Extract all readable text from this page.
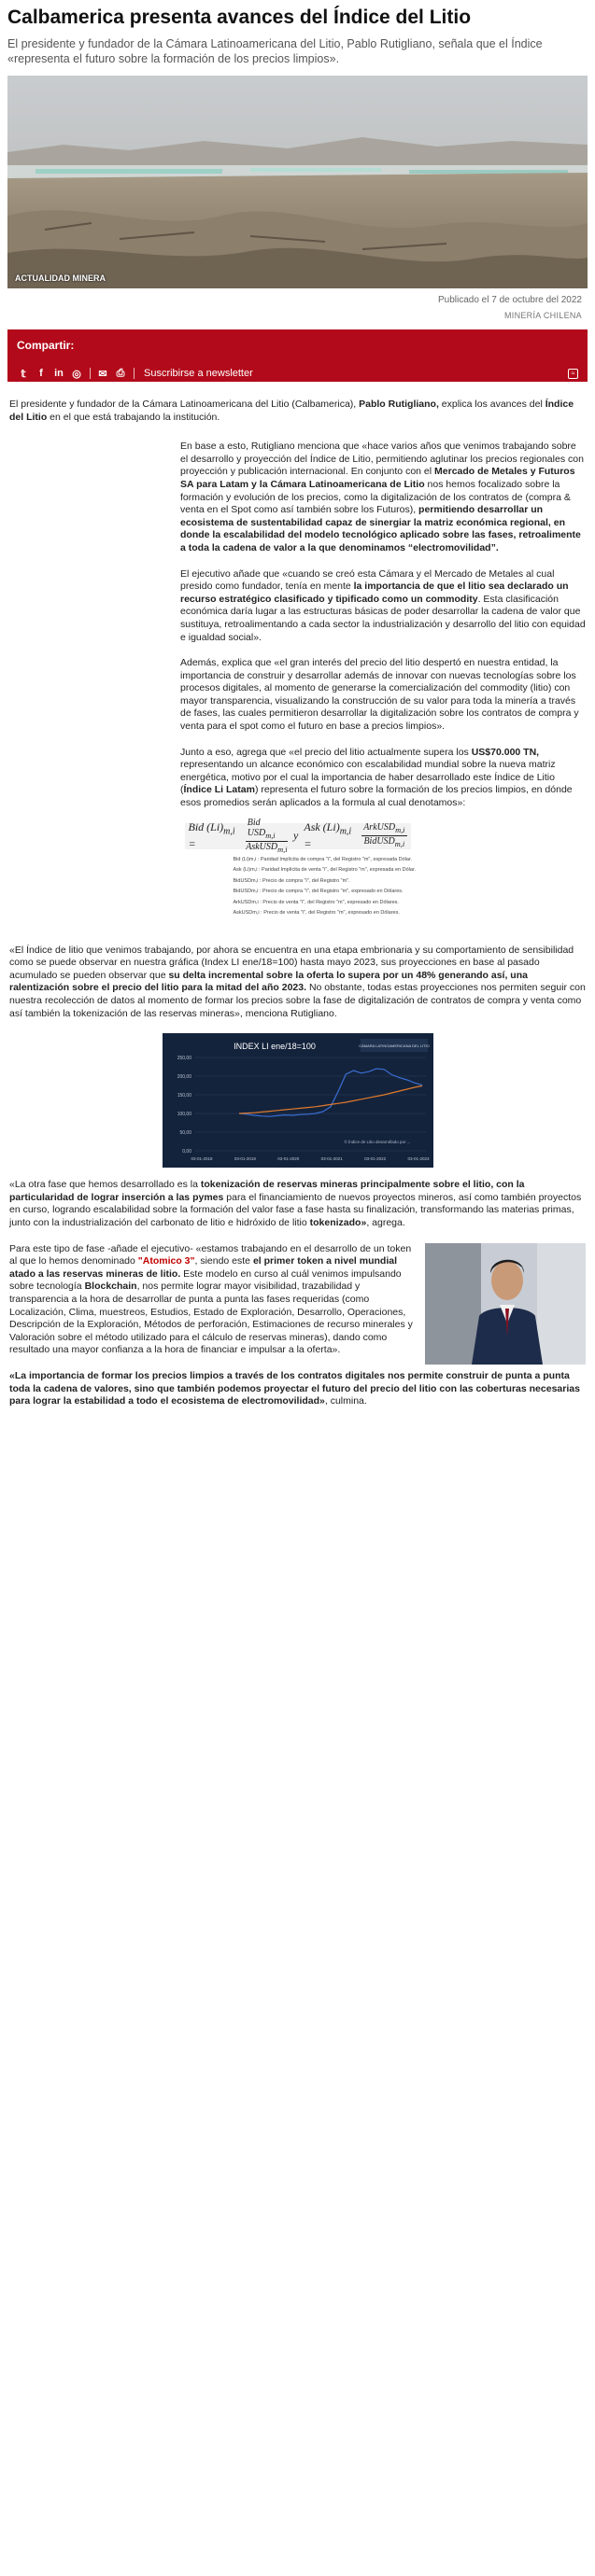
Calbamerica presenta avances del Índice del Litio
El presidente y fundador de la Cámara Latinoamericana del Litio, Pablo Rutigliano, señala que el Índice «representa el futuro sobre la formación de los precios limpios».
ACTUALIDAD MINERA
Publicado el 7 de octubre del 2022
MINERÍA CHILENA
Compartir:
𝕥	f	in ◎ ✉ ⎙ Suscribirse a newsletter	≈

El presidente y fundador de la Cámara Latinoamericana del Litio (Calbamerica), Pablo Rutigliano, explica los avances del Índice del Litio en el que está trabajando la institución.

En base a esto, Rutigliano menciona que «hace varios años que venimos trabajando sobre el desarrollo y proyección del Índice de Litio, permitiendo aglutinar los precios regionales con proyección y publicación internacional. En conjunto con el Mercado de Metales y Futuros SA para Latam y la Cámara Latinoamericana de Litio nos hemos focalizado sobre la formación y evolución de los precios, como la digitalización de los contratos de (compra & venta en el Spot como así también sobre los Futuros), permitiendo desarrollar un ecosistema de sustentabilidad capaz de sinergiar la matriz económica regional, en donde la escalabilidad del modelo tecnológico aplicado sobre las fases, retroalimente a toda la cadena de valor a la que denominamos “electromovilidad”.

El ejecutivo añade que «cuando se creó esta Cámara y el Mercado de Metales al cual presido como fundador, tenía en mente la importancia de que el litio sea declarado un recurso estratégico clasificado y tipificado como un commodity. Esta clasificación económica daría lugar a las estructuras básicas de poder desarrollar la cadena de valor que sustituya, retroalimentando a cada sector la industrialización y desarrollo del litio con equidad e igualdad social».

Además, explica que «el gran interés del precio del litio despertó en nuestra entidad, la importancia de construir y desarrollar además de innovar con nuevas tecnologías sobre los procesos digitales, al momento de generarse la comercialización del commodity (litio) con mayor transparencia, visualizando la construcción de su valor para toda la minería a través de fases, las cuales permitieron desarrollar la digitalización sobre los contratos de compra y venta para el spot como el futuro en base a precios limpios».

Junto a eso, agrega que «el precio del litio actualmente supera los US$70.000 TN, representando un alcance económico con escalabilidad mundial sobre la nueva matriz energética, motivo por el cual la importancia de haber desarrollado este Índice de Litio (Índice Li Latam) representa el futuro sobre la formación de los precios limpios, en dónde esos promedios serán aplicados a la formula al cual denotamos»:

Bid $(Li)_{m,i}$ =	$\frac{Bid USD_{m,i}}{AskUSD_{m,i}}$ y
Ask $(Li)_{m,i}$ =	$\frac{ArkUSD_{m,i}}{BidUSD_{m,i}}$
Bid (Li)m,i : Paridad Implícita de compra "i", del Registro "m", expresada Dólar.
Ask (Li)m,i : Paridad Implícita de venta "i", del Registro "m", expresada en Dólar.
BidUSDm,i : Precio de compra "i", del Registro "m".
BidUSDm,i : Precio de compra "i", del Registro "m", expresado en Dólares.
ArkUSDm,i : Precio de venta "i", del Registro "m", expresado en Dólares.
AskUSDm,i : Precio de venta "i", del Registro "m", expresado en Dólares.

«El Índice de litio que venimos trabajando, por ahora se encuentra en una etapa embrionaria y su comportamiento de sensibilidad como se puede observar en nuestra gráfica (Index LI ene/18=100) hasta mayo 2023, sus proyecciones en base al pasado acumulado se pueden observar que su delta incremental sobre la oferta lo supera por un 48% generando así, una ralentización sobre el precio del litio para la mitad del año 2023. No obstante, todas estas proyecciones nos permiten seguir con nuestra recolección de datos al momento de formar los precios sobre la fase de digitalización de contratos de compra y venta como así también la tokenización de las reservas mineras», menciona Rutigliano.

CÁMARA LATINOAMERICANA DEL LITIO
INDEX LI ene/18=100
© Índice de Litio desarrollado por ...
250,00
200,00
150,00
100,00
50,00
0,00
03-01-2018	03-01-2019	03-01-2020	03-01-2021	03-01-2022	03-01-2023

«La otra fase que hemos desarrollado es la tokenización de reservas mineras principalmente sobre el litio, con la particularidad de lograr inserción a las pymes para el financiamiento de nuevos proyectos mineros, así como también proyectos en curso, logrando escalabilidad sobre la formación del valor fase a fase hasta su finalización, transformando las materias primas, junto con la industrialización del carbonato de litio e hidróxido de litio tokenizado», agrega.

Para este tipo de fase -añade el ejecutivo- «estamos trabajando en el desarrollo de un token al que lo hemos denominado "Atomico 3", siendo este el primer token a nivel mundial atado a las reservas mineras de litio. Este modelo en curso al cuál venimos impulsando sobre tecnología Blockchain, nos permite lograr mayor visibilidad, trazabilidad y transparencia a la hora de desarrollar de punta a punta las fases requeridas (como Localización, Clima, muestreos, Estudios, Estado de Exploración, Desarrollo, Operaciones, Descripción de la Exploración, Métodos de perforación, Estimaciones de recurso minerales y Valoración sobre el método utilizado para el cálculo de reservas mineras), dando como resultado una mayor confianza a la hora de financiar e impulsar a la oferta».

«La importancia de formar los precios limpios a través de los contratos digitales nos permite construir de punta a punta toda la cadena de valores, sino que también podemos proyectar el futuro del precio del litio con las coberturas necesarias para lograr la estabilidad a todo el ecosistema de electromovilidad», culmina.
